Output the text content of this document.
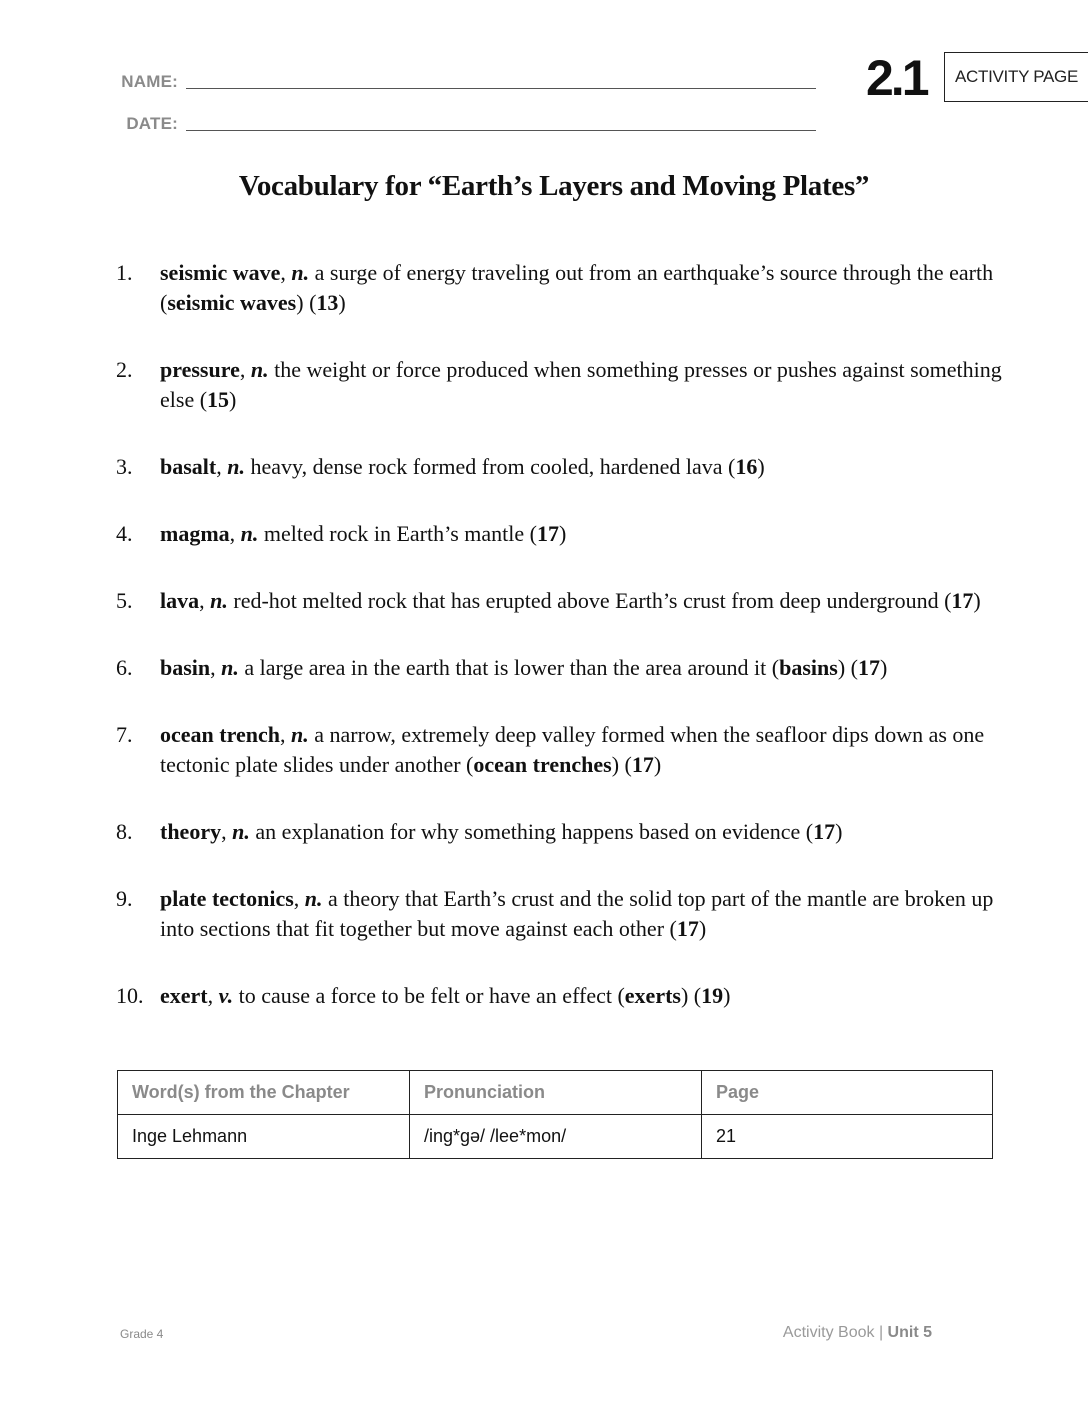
NAME:
DATE:
2.1 ACTIVITY PAGE
Vocabulary for “Earth’s Layers and Moving Plates”
1. seismic wave, n. a surge of energy traveling out from an earthquake’s source through the earth (seismic waves) (13)
2. pressure, n. the weight or force produced when something presses or pushes against something else (15)
3. basalt, n. heavy, dense rock formed from cooled, hardened lava (16)
4. magma, n. melted rock in Earth’s mantle (17)
5. lava, n. red-hot melted rock that has erupted above Earth’s crust from deep underground (17)
6. basin, n. a large area in the earth that is lower than the area around it (basins) (17)
7. ocean trench, n. a narrow, extremely deep valley formed when the seafloor dips down as one tectonic plate slides under another (ocean trenches) (17)
8. theory, n. an explanation for why something happens based on evidence (17)
9. plate tectonics, n. a theory that Earth’s crust and the solid top part of the mantle are broken up into sections that fit together but move against each other (17)
10. exert, v. to cause a force to be felt or have an effect (exerts) (19)
Word(s) from the Chapter	Pronunciation	Page
Inge Lehmann	/ing*gə/ /lee*mon/	21
Grade 4	Activity Book | Unit 5
